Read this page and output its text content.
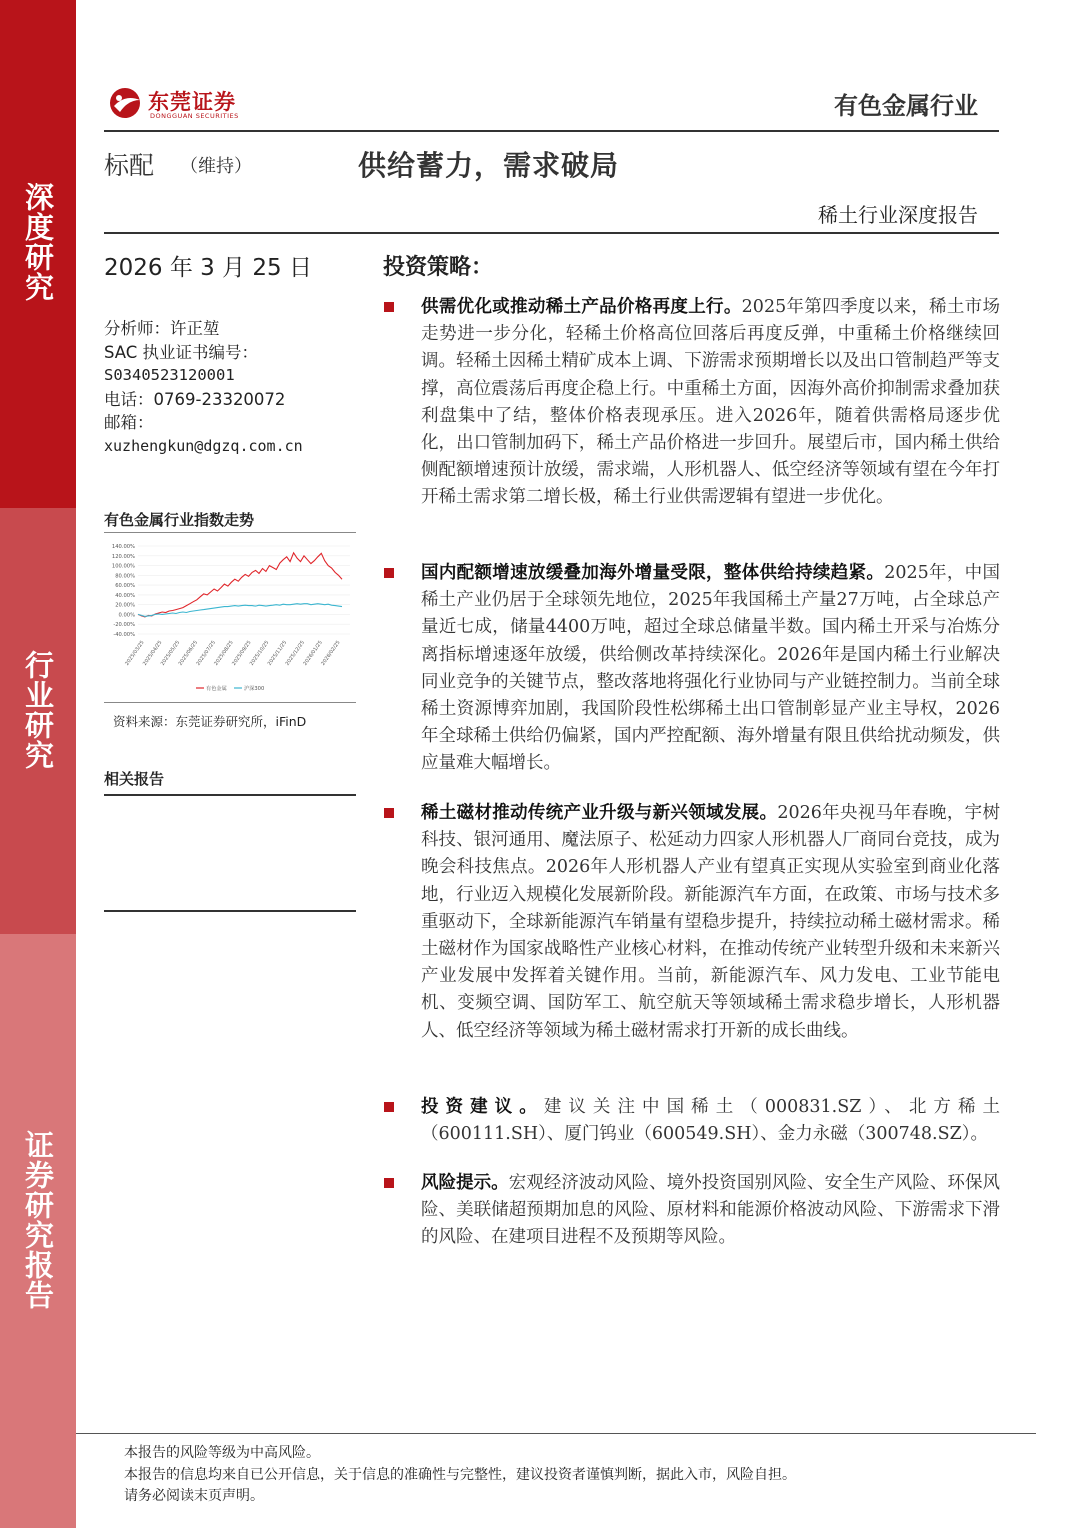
深度研究
行业研究
证券研究报告
东莞证券
DONGGUAN SECURITIES	有色金属行业
标配 （维持）	供给蓄力，需求破局
稀土行业深度报告
2026 年 3 月 25 日
分析师：许正堃
SAC 执业证书编号：
S0340523120001
电话：0769-23320072
邮箱：
xuzhengkun@dgzq.com.cn
有色金属行业指数走势
140.00%
120.00%
100.00%
80.00%
60.00%
40.00%
20.00%
0.00%
-20.00%
-40.00%
2025/03/25
2025/04/25
2025/05/25
2025/06/25
2025/07/25
2025/08/25
2025/09/25
2025/10/25
2025/11/25
2025/12/25
2026/01/25
2026/02/25
有色金属	沪深300
资料来源：东莞证券研究所，iFinD
相关报告
投资策略：
供需优化或推动稀土产品价格再度上行。2025年第四季度以来，稀土市场走势进一步分化，轻稀土价格高位回落后再度反弹，中重稀土价格继续回调。轻稀土因稀土精矿成本上调、下游需求预期增长以及出口管制趋严等支撑，高位震荡后再度企稳上行。中重稀土方面，因海外高价抑制需求叠加获利盘集中了结，整体价格表现承压。进入2026年，随着供需格局逐步优化，出口管制加码下，稀土产品价格进一步回升。展望后市，国内稀土供给侧配额增速预计放缓，需求端，人形机器人、低空经济等领域有望在今年打开稀土需求第二增长极，稀土行业供需逻辑有望进一步优化。
国内配额增速放缓叠加海外增量受限，整体供给持续趋紧。2025年，中国稀土产业仍居于全球领先地位，2025年我国稀土产量27万吨，占全球总产量近七成，储量4400万吨，超过全球总储量半数。国内稀土开采与冶炼分离指标增速逐年放缓，供给侧改革持续深化。2026年是国内稀土行业解决同业竞争的关键节点，整改落地将强化行业协同与产业链控制力。当前全球稀土资源博弈加剧，我国阶段性松绑稀土出口管制彰显产业主导权，2026年全球稀土供给仍偏紧，国内严控配额、海外增量有限且供给扰动频发，供应量难大幅增长。
稀土磁材推动传统产业升级与新兴领域发展。2026年央视马年春晚，宇树科技、银河通用、魔法原子、松延动力四家人形机器人厂商同台竞技，成为晚会科技焦点。2026年人形机器人产业有望真正实现从实验室到商业化落地，行业迈入规模化发展新阶段。新能源汽车方面，在政策、市场与技术多重驱动下，全球新能源汽车销量有望稳步提升，持续拉动稀土磁材需求。稀土磁材作为国家战略性产业核心材料，在推动传统产业转型升级和未来新兴产业发展中发挥着关键作用。当前，新能源汽车、风力发电、工业节能电机、变频空调、国防军工、航空航天等领域稀土需求稳步增长，人形机器人、低空经济等领域为稀土磁材需求打开新的成长曲线。
投资建议。建议关注中国稀土（000831.SZ）、北方稀土（600111.SH）、厦门钨业（600549.SH）、金力永磁（300748.SZ）。
风险提示。宏观经济波动风险、境外投资国别风险、安全生产风险、环保风险、美联储超预期加息的风险、原材料和能源价格波动风险、下游需求下滑的风险、在建项目进程不及预期等风险。
本报告的风险等级为中高风险。
本报告的信息均来自已公开信息，关于信息的准确性与完整性，建议投资者谨慎判断，据此入市，风险自担。
请务必阅读末页声明。
